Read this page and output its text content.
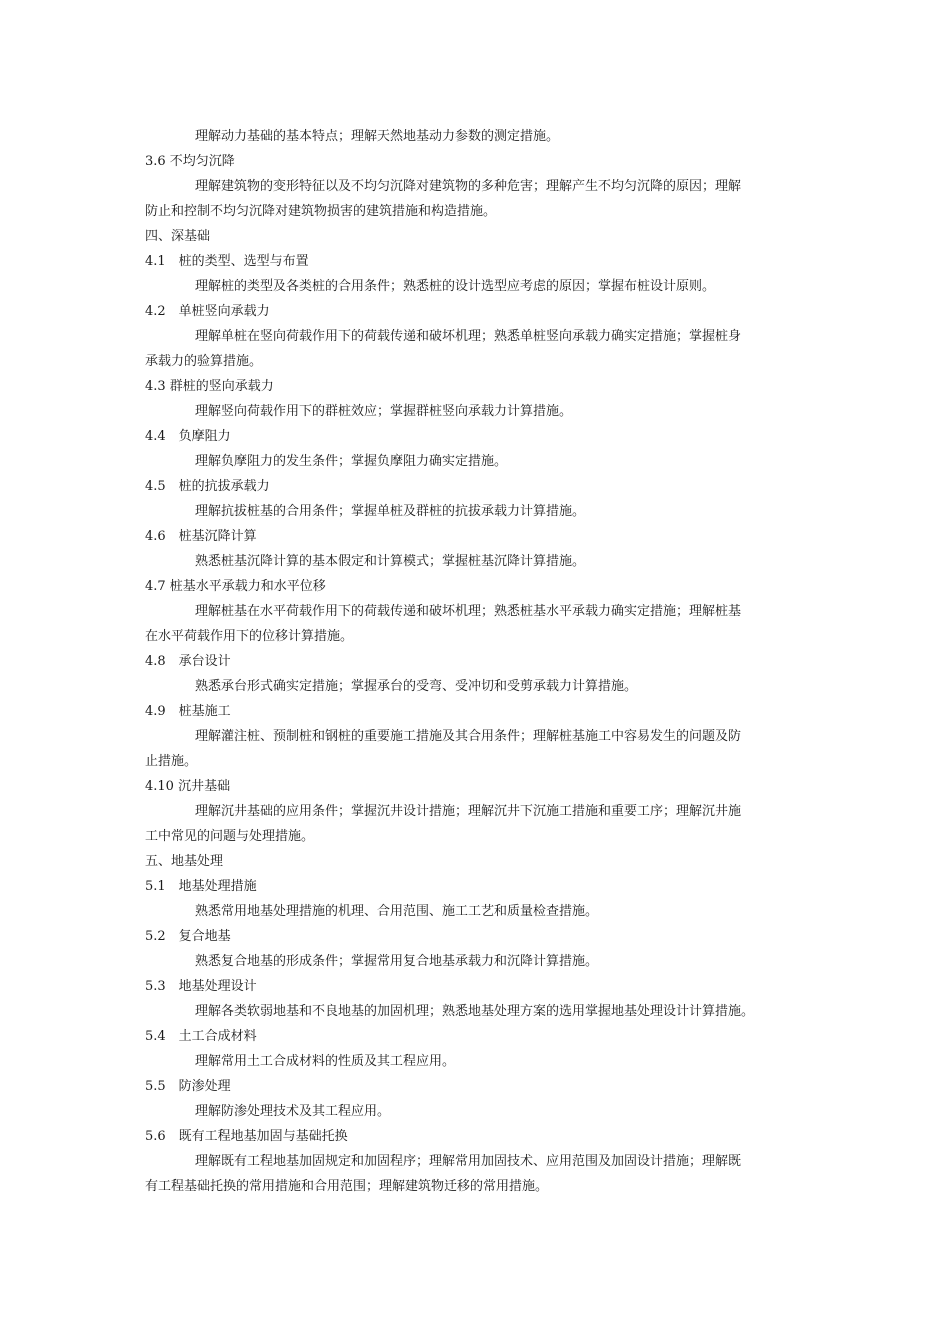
理解动力基础的基本特点；理解天然地基动力参数的测定措施。
3.6 不均匀沉降
理解建筑物的变形特征以及不均匀沉降对建筑物的多种危害；理解产生不均匀沉降的原因；理解
防止和控制不均匀沉降对建筑物损害的建筑措施和构造措施。
四、深基础
4.1　桩的类型、选型与布置
理解桩的类型及各类桩的合用条件；熟悉桩的设计选型应考虑的原因；掌握布桩设计原则。
4.2　单桩竖向承载力
理解单桩在竖向荷载作用下的荷载传递和破坏机理；熟悉单桩竖向承载力确实定措施；掌握桩身
承载力的验算措施。
4.3 群桩的竖向承载力
理解竖向荷载作用下的群桩效应；掌握群桩竖向承载力计算措施。
4.4　负摩阻力
理解负摩阻力的发生条件；掌握负摩阻力确实定措施。
4.5　桩的抗拔承载力
理解抗拔桩基的合用条件；掌握单桩及群桩的抗拔承载力计算措施。
4.6　桩基沉降计算
熟悉桩基沉降计算的基本假定和计算模式；掌握桩基沉降计算措施。
4.7 桩基水平承载力和水平位移
理解桩基在水平荷载作用下的荷载传递和破坏机理；熟悉桩基水平承载力确实定措施；理解桩基
在水平荷载作用下的位移计算措施。
4.8　承台设计
熟悉承台形式确实定措施；掌握承台的受弯、受冲切和受剪承载力计算措施。
4.9　桩基施工
理解灌注桩、预制桩和钢桩的重要施工措施及其合用条件；理解桩基施工中容易发生的问题及防
止措施。
4.10 沉井基础
理解沉井基础的应用条件；掌握沉井设计措施；理解沉井下沉施工措施和重要工序；理解沉井施
工中常见的问题与处理措施。
五、地基处理
5.1　地基处理措施
熟悉常用地基处理措施的机理、合用范围、施工工艺和质量检查措施。
5.2　复合地基
熟悉复合地基的形成条件；掌握常用复合地基承载力和沉降计算措施。
5.3　地基处理设计
理解各类软弱地基和不良地基的加固机理；熟悉地基处理方案的选用掌握地基处理设计计算措施。
5.4　土工合成材料
理解常用土工合成材料的性质及其工程应用。
5.5　防渗处理
理解防渗处理技术及其工程应用。
5.6　既有工程地基加固与基础托换
理解既有工程地基加固规定和加固程序；理解常用加固技术、应用范围及加固设计措施；理解既
有工程基础托换的常用措施和合用范围；理解建筑物迁移的常用措施。
